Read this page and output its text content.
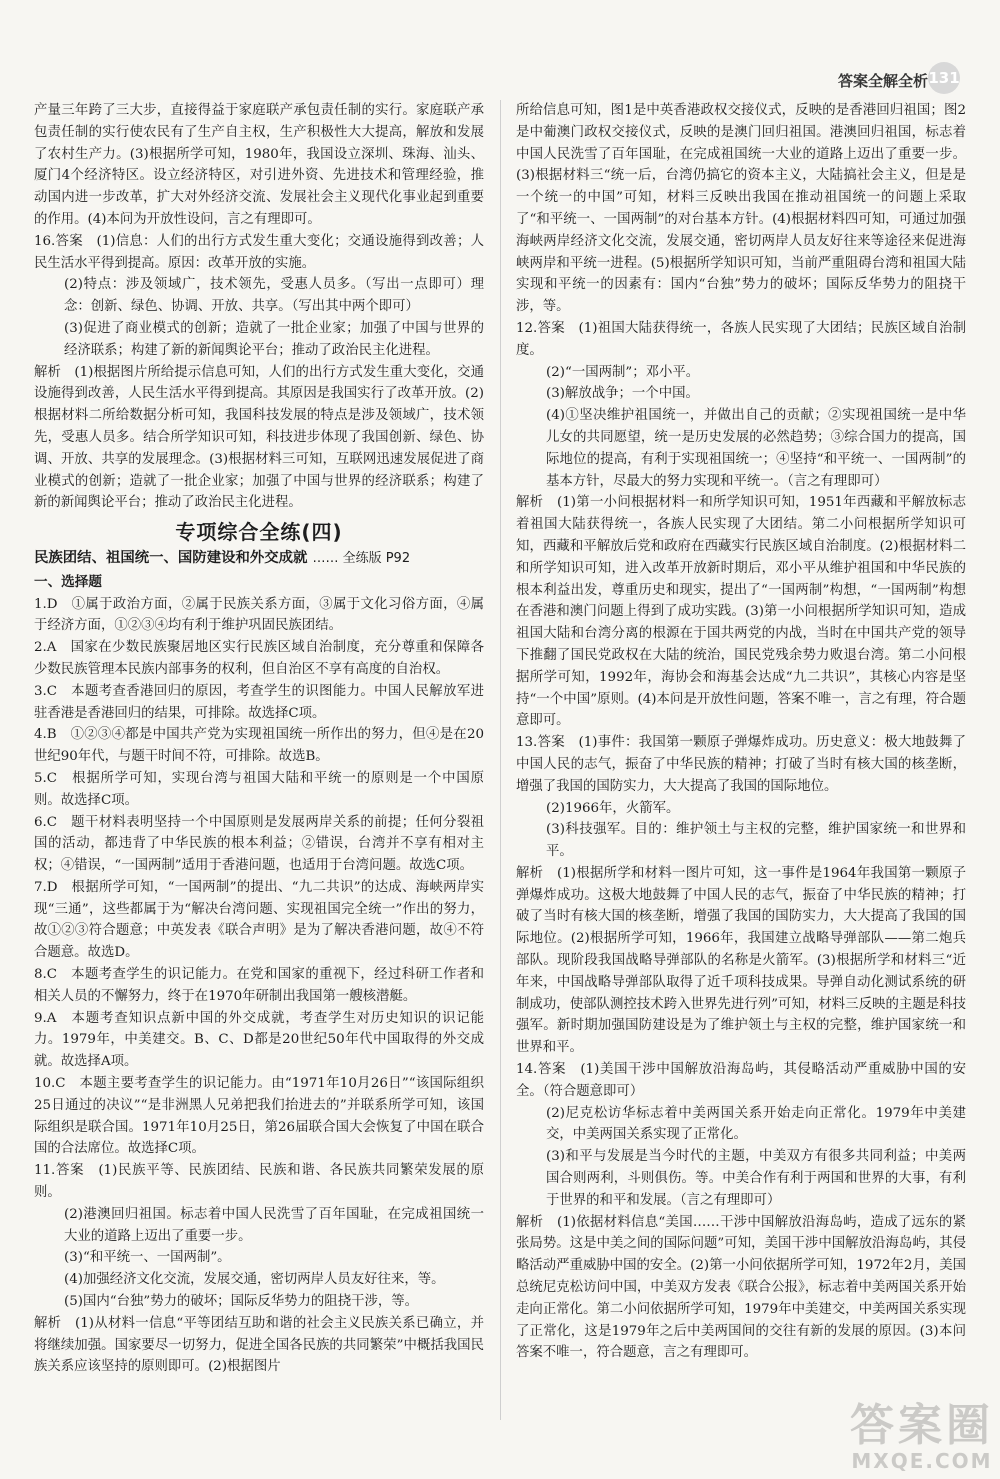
答案全解全析 131

产量三年跨了三大步，直接得益于家庭联产承包责任制的实行。家庭联产承包责任制的实行使农民有了生产自主权，生产积极性大大提高，解放和发展了农村生产力。(3)根据所学可知，1980年，我国设立深圳、珠海、汕头、厦门4个经济特区。设立经济特区，对引进外资、先进技术和管理经验，推动国内进一步改革，扩大对外经济交流、发展社会主义现代化事业起到重要的作用。(4)本问为开放性设问，言之有理即可。

16.答案　(1)信息：人们的出行方式发生重大变化；交通设施得到改善；人民生活水平得到提高。原因：改革开放的实施。

(2)特点：涉及领域广，技术领先，受惠人员多。（写出一点即可）理念：创新、绿色、协调、开放、共享。（写出其中两个即可）

(3)促进了商业模式的创新；造就了一批企业家；加强了中国与世界的经济联系；构建了新的新闻舆论平台；推动了政治民主化进程。

解析　(1)根据图片所给提示信息可知，人们的出行方式发生重大变化，交通设施得到改善，人民生活水平得到提高。其原因是我国实行了改革开放。(2)根据材料二所给数据分析可知，我国科技发展的特点是涉及领域广，技术领先，受惠人员多。结合所学知识可知，科技进步体现了我国创新、绿色、协调、开放、共享的发展理念。(3)根据材料三可知，互联网迅速发展促进了商业模式的创新；造就了一批企业家；加强了中国与世界的经济联系；构建了新的新闻舆论平台；推动了政治民主化进程。

专项综合全练(四)
民族团结、祖国统一、国防建设和外交成就 …… 全练版 P92
一、选择题

1.D　①属于政治方面，②属于民族关系方面，③属于文化习俗方面，④属于经济方面，①②③④均有利于维护巩固民族团结。

2.A　国家在少数民族聚居地区实行民族区域自治制度，充分尊重和保障各少数民族管理本民族内部事务的权利，但自治区不享有高度的自治权。

3.C　本题考查香港回归的原因，考查学生的识图能力。中国人民解放军进驻香港是香港回归的结果，可排除。故选择C项。

4.B　①②③④都是中国共产党为实现祖国统一所作出的努力，但④是在20世纪90年代，与题干时间不符，可排除。故选B。

5.C　根据所学可知，实现台湾与祖国大陆和平统一的原则是一个中国原则。故选择C项。

6.C　题干材料表明坚持一个中国原则是发展两岸关系的前提；任何分裂祖国的活动，都违背了中华民族的根本利益；②错误，台湾并不享有相对主权；④错误，“一国两制”适用于香港问题，也适用于台湾问题。故选C项。

7.D　根据所学可知，“一国两制”的提出、“九二共识”的达成、海峡两岸实现“三通”，这些都属于为“解决台湾问题、实现祖国完全统一”作出的努力，故①②③符合题意；中英发表《联合声明》是为了解决香港问题，故④不符合题意。故选D。

8.C　本题考查学生的识记能力。在党和国家的重视下，经过科研工作者和相关人员的不懈努力，终于在1970年研制出我国第一艘核潜艇。

9.A　本题考查知识点新中国的外交成就，考查学生对历史知识的识记能力。1979年，中美建交。B、C、D都是20世纪50年代中国取得的外交成就。故选择A项。

10.C　本题主要考查学生的识记能力。由“1971年10月26日”“该国际组织25日通过的决议”“是非洲黑人兄弟把我们抬进去的”并联系所学可知，该国际组织是联合国。1971年10月25日，第26届联合国大会恢复了中国在联合国的合法席位。故选择C项。

11.答案　(1)民族平等、民族团结、民族和谐、各民族共同繁荣发展的原则。

(2)港澳回归祖国。标志着中国人民洗雪了百年国耻，在完成祖国统一大业的道路上迈出了重要一步。

(3)“和平统一、一国两制”。

(4)加强经济文化交流，发展交通，密切两岸人员友好往来，等。

(5)国内“台独”势力的破坏；国际反华势力的阻挠干涉，等。

解析　(1)从材料一信息“平等团结互助和谐的社会主义民族关系已确立，并将继续加强。国家要尽一切努力，促进全国各民族的共同繁荣”中概括我国民族关系应该坚持的原则即可。(2)根据图片

所给信息可知，图1是中英香港政权交接仪式，反映的是香港回归祖国；图2是中葡澳门政权交接仪式，反映的是澳门回归祖国。港澳回归祖国，标志着中国人民洗雪了百年国耻，在完成祖国统一大业的道路上迈出了重要一步。(3)根据材料三“统一后，台湾仍搞它的资本主义，大陆搞社会主义，但是是一个统一的中国”可知，材料三反映出我国在推动祖国统一的问题上采取了“和平统一、一国两制”的对台基本方针。(4)根据材料四可知，可通过加强海峡两岸经济文化交流，发展交通，密切两岸人员友好往来等途径来促进海峡两岸和平统一进程。(5)根据所学知识可知，当前严重阻碍台湾和祖国大陆实现和平统一的因素有：国内“台独”势力的破坏；国际反华势力的阻挠干涉，等。

12.答案　(1)祖国大陆获得统一，各族人民实现了大团结；民族区域自治制度。

(2)“一国两制”；邓小平。

(3)解放战争；一个中国。

(4)①坚决维护祖国统一，并做出自己的贡献；②实现祖国统一是中华儿女的共同愿望，统一是历史发展的必然趋势；③综合国力的提高，国际地位的提高，有利于实现祖国统一；④坚持“和平统一、一国两制”的基本方针，尽最大的努力实现和平统一。（言之有理即可）

解析　(1)第一小问根据材料一和所学知识可知，1951年西藏和平解放标志着祖国大陆获得统一，各族人民实现了大团结。第二小问根据所学知识可知，西藏和平解放后党和政府在西藏实行民族区域自治制度。(2)根据材料二和所学知识可知，进入改革开放新时期后，邓小平从维护祖国和中华民族的根本利益出发，尊重历史和现实，提出了“一国两制”构想，“一国两制”构想在香港和澳门问题上得到了成功实践。(3)第一小问根据所学知识可知，造成祖国大陆和台湾分离的根源在于国共两党的内战，当时在中国共产党的领导下推翻了国民党政权在大陆的统治，国民党残余势力败退台湾。第二小问根据所学可知，1992年，海协会和海基会达成“九二共识”，其核心内容是坚持“一个中国”原则。(4)本问是开放性问题，答案不唯一，言之有理，符合题意即可。

13.答案　(1)事件：我国第一颗原子弹爆炸成功。历史意义：极大地鼓舞了中国人民的志气，振奋了中华民族的精神；打破了当时有核大国的核垄断，增强了我国的国防实力，大大提高了我国的国际地位。

(2)1966年，火箭军。

(3)科技强军。目的：维护领土与主权的完整，维护国家统一和世界和平。

解析　(1)根据所学和材料一图片可知，这一事件是1964年我国第一颗原子弹爆炸成功。这极大地鼓舞了中国人民的志气，振奋了中华民族的精神；打破了当时有核大国的核垄断，增强了我国的国防实力，大大提高了我国的国际地位。(2)根据所学可知，1966年，我国建立战略导弹部队——第二炮兵部队。现阶段我国战略导弹部队的名称是火箭军。(3)根据所学和材料三“近年来，中国战略导弹部队取得了近千项科技成果。导弹自动化测试系统的研制成功，使部队测控技术跨入世界先进行列”可知，材料三反映的主题是科技强军。新时期加强国防建设是为了维护领土与主权的完整，维护国家统一和世界和平。

14.答案　(1)美国干涉中国解放沿海岛屿，其侵略活动严重威胁中国的安全。（符合题意即可）

(2)尼克松访华标志着中美两国关系开始走向正常化。1979年中美建交，中美两国关系实现了正常化。

(3)和平与发展是当今时代的主题，中美双方有很多共同利益；中美两国合则两利，斗则俱伤。等。中美合作有利于两国和世界的大事，有利于世界的和平和发展。（言之有理即可）

解析　(1)依据材料信息“美国……干涉中国解放沿海岛屿，造成了远东的紧张局势。这是中美之间的国际问题”可知，美国干涉中国解放沿海岛屿，其侵略活动严重威胁中国的安全。(2)第一小问依据所学可知，1972年2月，美国总统尼克松访问中国，中美双方发表《联合公报》，标志着中美两国关系开始走向正常化。第二小问依据所学可知，1979年中美建交，中美两国关系实现了正常化，这是1979年之后中美两国间的交往有新的发展的原因。(3)本问答案不唯一，符合题意，言之有理即可。

答案圈
MXQE.COM
